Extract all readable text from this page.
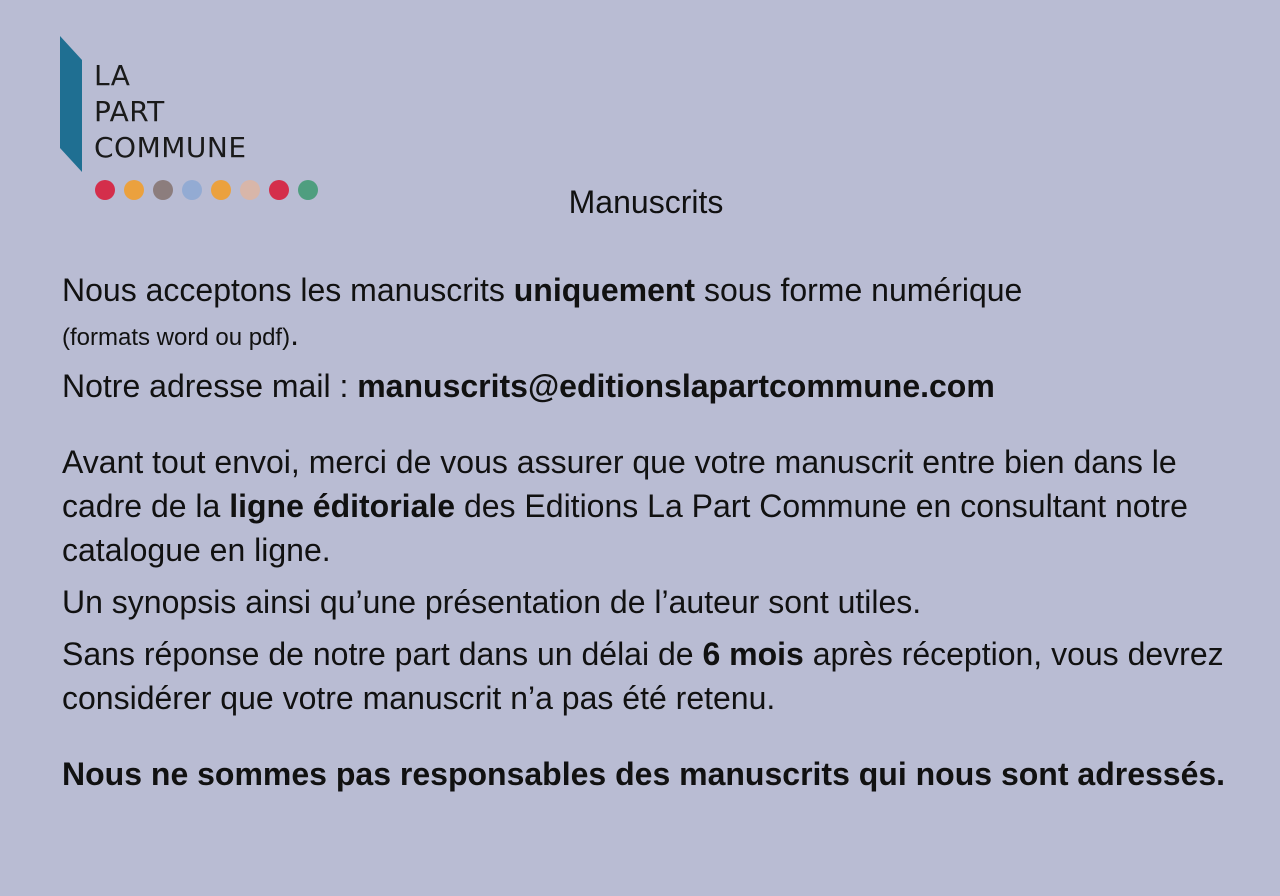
LA
PART
COMMUNE
Manuscrits

Nous acceptons les manuscrits uniquement sous forme numérique
(formats word ou pdf).

Notre adresse mail : manuscrits@editionslapartcommune.com

Avant tout envoi, merci de vous assurer que votre manuscrit entre bien dans le cadre de la ligne éditoriale des Editions La Part Commune en consultant notre catalogue en ligne.

Un synopsis ainsi qu’une présentation de l’auteur sont utiles.

Sans réponse de notre part dans un délai de 6 mois après réception, vous devrez considérer que votre manuscrit n’a pas été retenu.

Nous ne sommes pas responsables des manuscrits qui nous sont adressés.
